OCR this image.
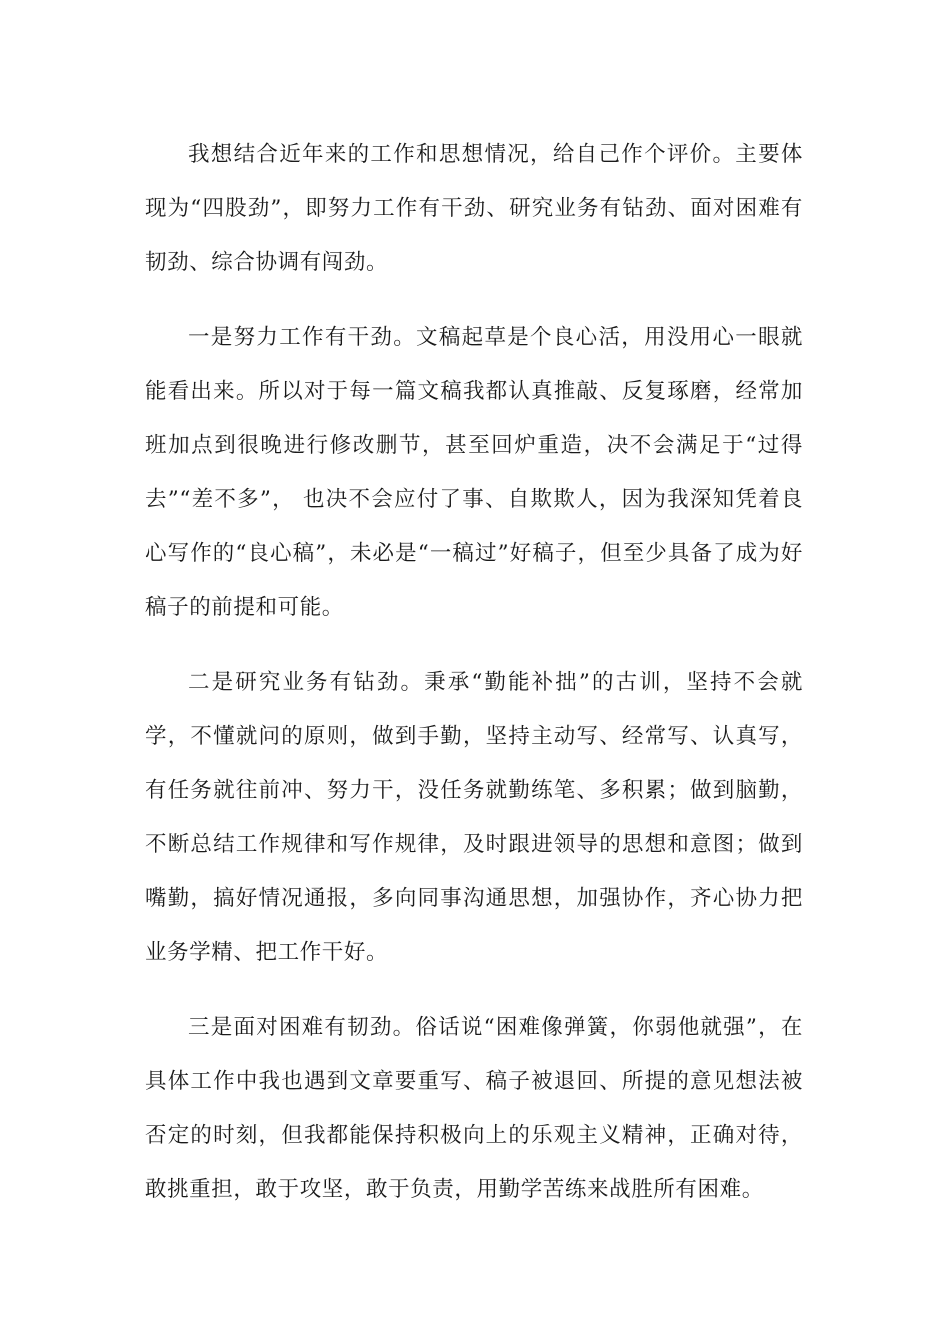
我想结合近年来的工作和思想情况，给自己作个评价。主要体现为“四股劲”，即努力工作有干劲、研究业务有钻劲、面对困难有韧劲、综合协调有闯劲。

一是努力工作有干劲。文稿起草是个良心活，用没用心一眼就能看出来。所以对于每一篇文稿我都认真推敲、反复琢磨，经常加班加点到很晚进行修改删节，甚至回炉重造，决不会满足于“过得去”“差不多”， 也决不会应付了事、自欺欺人，因为我深知凭着良心写作的“良心稿”，未必是“一稿过”好稿子，但至少具备了成为好稿子的前提和可能。

二是研究业务有钻劲。秉承“勤能补拙”的古训，坚持不会就学，不懂就问的原则，做到手勤，坚持主动写、经常写、认真写，有任务就往前冲、努力干，没任务就勤练笔、多积累；做到脑勤，不断总结工作规律和写作规律，及时跟进领导的思想和意图；做到嘴勤，搞好情况通报，多向同事沟通思想，加强协作，齐心协力把业务学精、把工作干好。

三是面对困难有韧劲。俗话说“困难像弹簧，你弱他就强”，在具体工作中我也遇到文章要重写、稿子被退回、所提的意见想法被否定的时刻，但我都能保持积极向上的乐观主义精神，正确对待，敢挑重担，敢于攻坚，敢于负责，用勤学苦练来战胜所有困难。
